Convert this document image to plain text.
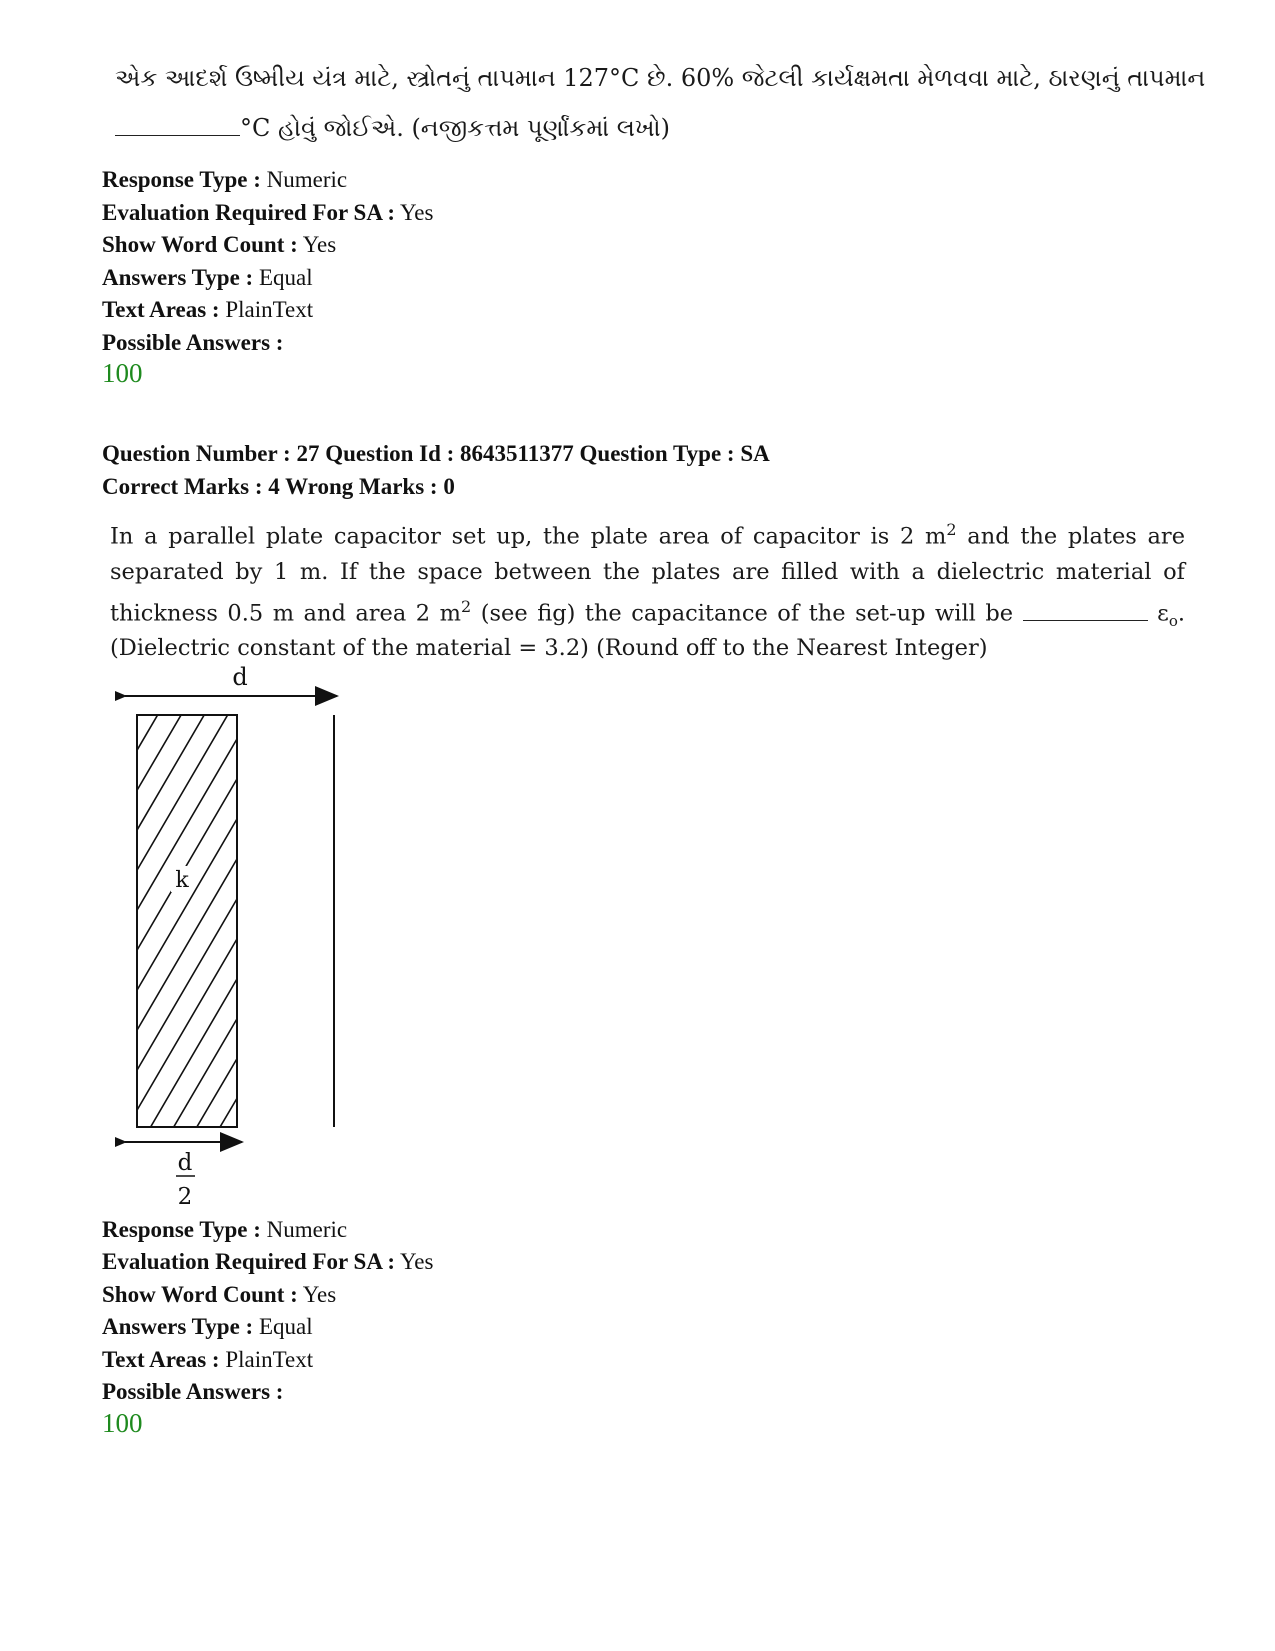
એક આદર્શ ઉષ્મીય યંત્ર માટે, સ્ત્રોતનું તાપમાન 127°C છે. 60% જેટલી કાર્યક્ષમતા મેળવવા માટે, ઠારણનું તાપમાન
°C હોવું જોઈએ. (નજીકત્તમ પૂર્ણાંકમાં લખો)
Response Type : Numeric
Evaluation Required For SA : Yes
Show Word Count : Yes
Answers Type : Equal
Text Areas : PlainText
Possible Answers :
100
Question Number : 27 Question Id : 8643511377 Question Type : SA
Correct Marks : 4 Wrong Marks : 0
In a parallel plate capacitor set up, the plate area of capacitor is 2 $m^2$ and the plates are
separated by 1 m. If the space between the plates are filled with a dielectric material of
thickness 0.5 m and area 2 $m^2$ (see fig) the capacitance of the set-up will be	$\varepsilon_o$.
(Dielectric constant of the material = 3.2) (Round off to the Nearest Integer)
d
k
d
2
Response Type : Numeric
Evaluation Required For SA : Yes
Show Word Count : Yes
Answers Type : Equal
Text Areas : PlainText
Possible Answers :
100
